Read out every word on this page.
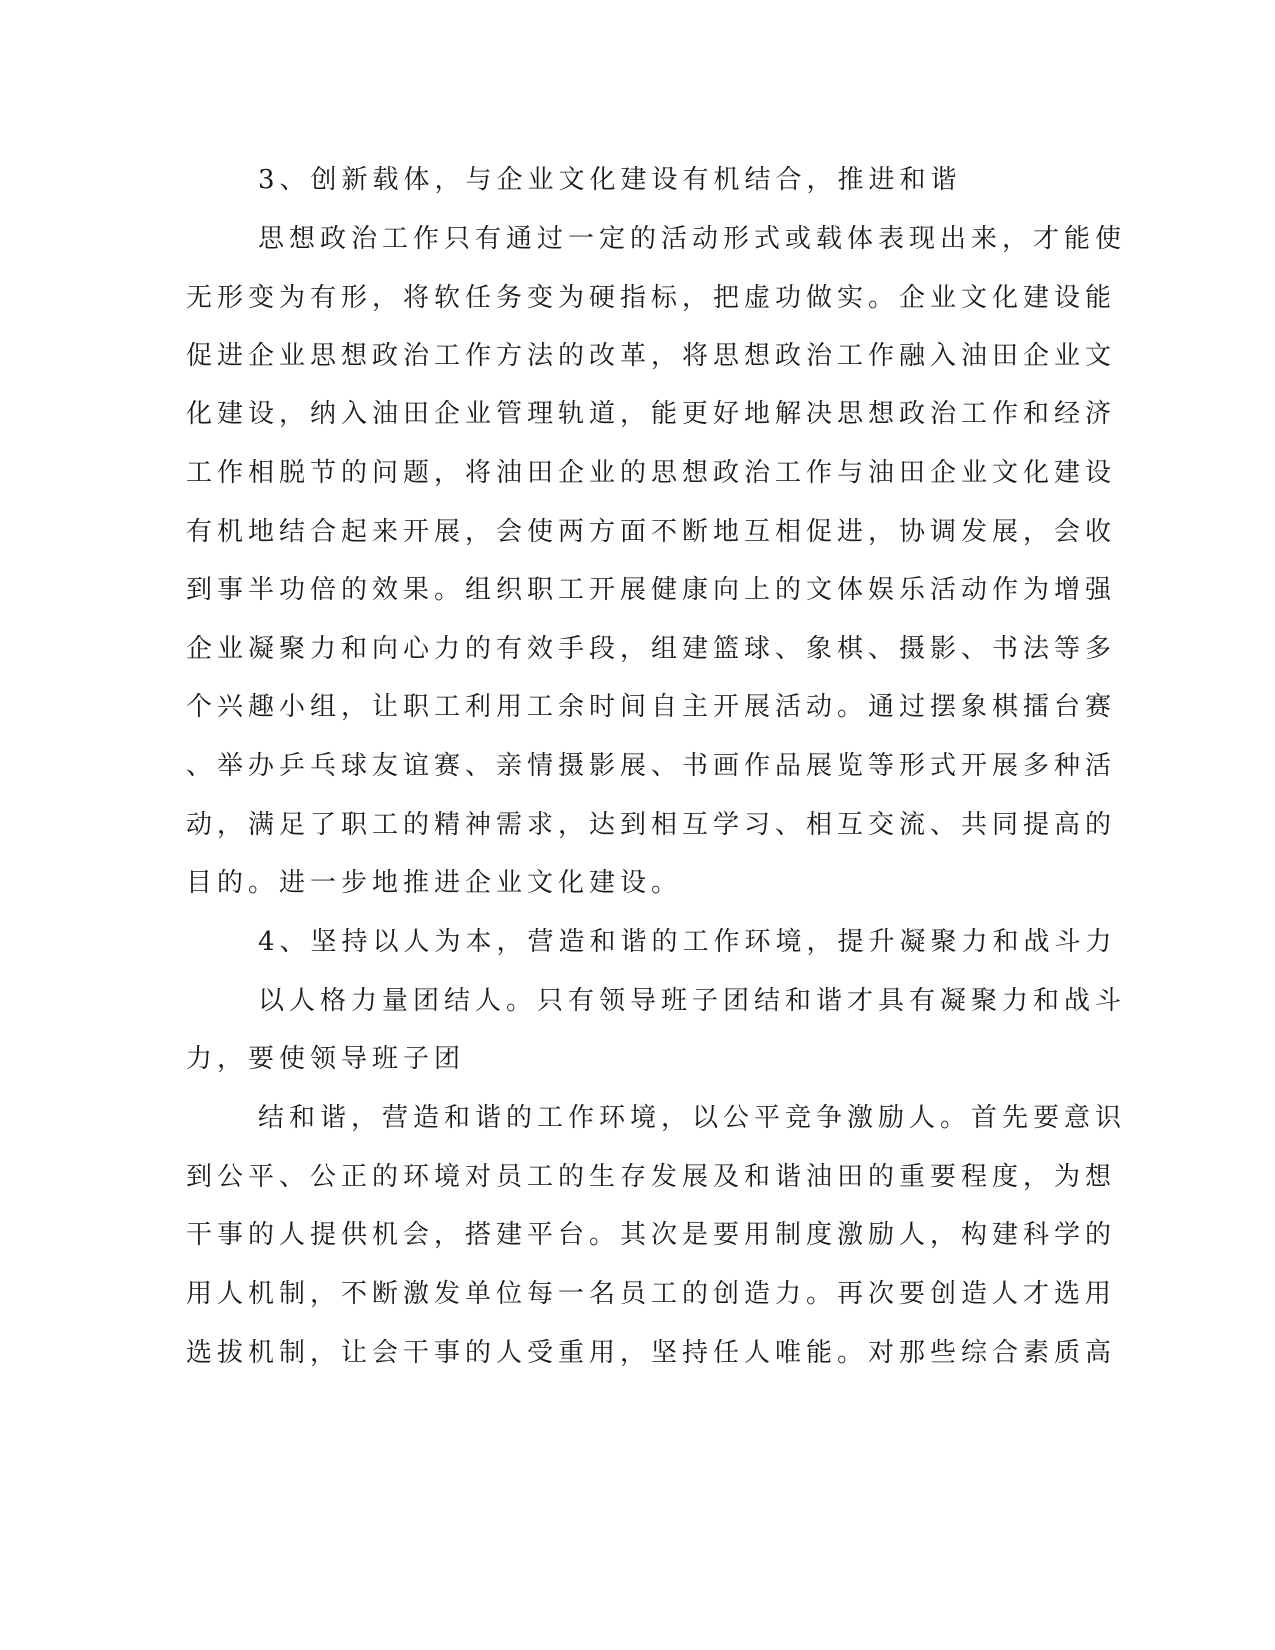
3、创新载体，与企业文化建设有机结合，推进和谐
思想政治工作只有通过一定的活动形式或载体表现出来，才能使
无形变为有形，将软任务变为硬指标，把虚功做实。企业文化建设能
促进企业思想政治工作方法的改革，将思想政治工作融入油田企业文
化建设，纳入油田企业管理轨道，能更好地解决思想政治工作和经济
工作相脱节的问题，将油田企业的思想政治工作与油田企业文化建设
有机地结合起来开展，会使两方面不断地互相促进，协调发展，会收
到事半功倍的效果。组织职工开展健康向上的文体娱乐活动作为增强
企业凝聚力和向心力的有效手段，组建篮球、象棋、摄影、书法等多
个兴趣小组，让职工利用工余时间自主开展活动。通过摆象棋擂台赛
、举办乒乓球友谊赛、亲情摄影展、书画作品展览等形式开展多种活
动，满足了职工的精神需求，达到相互学习、相互交流、共同提高的
目的。进一步地推进企业文化建设。
4、坚持以人为本，营造和谐的工作环境，提升凝聚力和战斗力
以人格力量团结人。只有领导班子团结和谐才具有凝聚力和战斗
力，要使领导班子团
结和谐，营造和谐的工作环境，以公平竞争激励人。首先要意识
到公平、公正的环境对员工的生存发展及和谐油田的重要程度，为想
干事的人提供机会，搭建平台。其次是要用制度激励人，构建科学的
用人机制，不断激发单位每一名员工的创造力。再次要创造人才选用
选拔机制，让会干事的人受重用，坚持任人唯能。对那些综合素质高
